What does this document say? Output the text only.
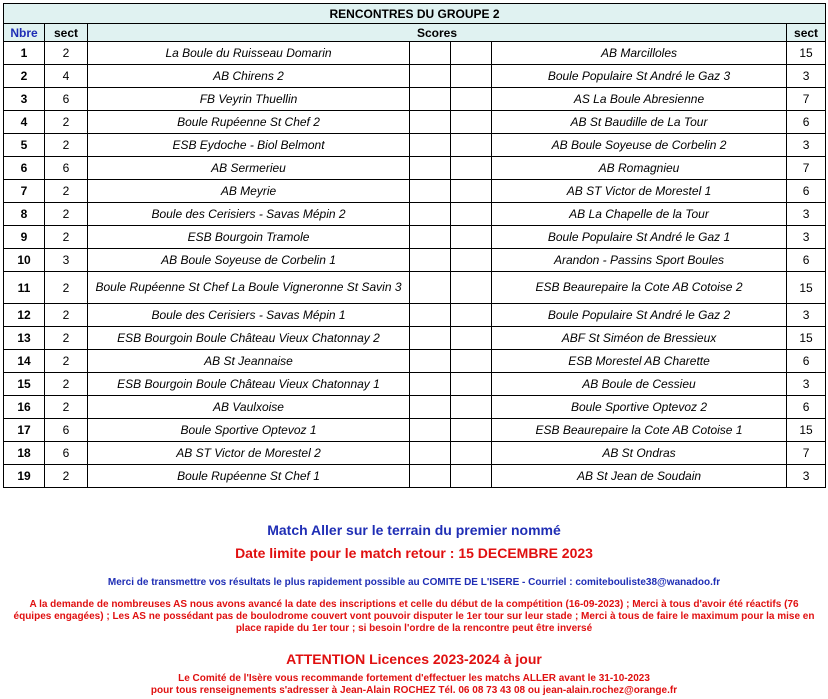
RENCONTRES DU GROUPE 2						
Nbre	sect	Scores				sect
1	2	La Boule du Ruisseau Domarin			AB Marcilloles	15
2	4	AB Chirens 2			Boule Populaire St André le Gaz 3	3
3	6	FB Veyrin Thuellin			AS La Boule Abresienne	7
4	2	Boule Rupéenne St Chef 2			AB St Baudille de La Tour	6
5	2	ESB Eydoche - Biol Belmont			AB Boule Soyeuse de Corbelin 2	3
6	6	AB Sermerieu			AB Romagnieu	7
7	2	AB Meyrie			AB ST Victor de Morestel 1	6
8	2	Boule des Cerisiers - Savas Mépin 2			AB La Chapelle de la Tour	3
9	2	ESB Bourgoin Tramole			Boule Populaire St André le Gaz 1	3
10	3	AB Boule Soyeuse de Corbelin 1			Arandon - Passins Sport Boules	6
11	2	Boule Rupéenne St Chef La Boule Vigneronne St Savin 3			ESB Beaurepaire la Cote AB Cotoise 2	15
12	2	Boule des Cerisiers - Savas Mépin 1			Boule Populaire St André le Gaz 2	3
13	2	ESB Bourgoin Boule Château Vieux Chatonnay 2			ABF St Siméon de Bressieux	15
14	2	AB St Jeannaise			ESB Morestel AB Charette	6
15	2	ESB Bourgoin Boule Château Vieux Chatonnay 1			AB Boule de Cessieu	3
16	2	AB Vaulxoise			Boule Sportive Optevoz 2	6
17	6	Boule Sportive Optevoz 1			ESB Beaurepaire la Cote AB Cotoise 1	15
18	6	AB ST Victor de Morestel 2			AB St Ondras	7
19	2	Boule Rupéenne St Chef 1			AB St Jean de Soudain	3
Match Aller sur le terrain du premier nommé
Date limite pour le match retour : 15 DECEMBRE 2023
Merci de transmettre vos résultats le plus rapidement possible au COMITE DE L'ISERE - Courriel : comitebouliste38@wanadoo.fr
A la demande de nombreuses AS nous avons avancé la date des inscriptions et celle du début de la compétition (16-09-2023) ; Merci à tous d'avoir été réactifs (76 équipes engagées) ; Les AS ne possédant pas de boulodrome couvert vont pouvoir disputer le 1er tour sur leur stade ; Merci à tous de faire le maximum pour la mise en place rapide du 1er tour ; si besoin l'ordre de la rencontre peut être inversé
ATTENTION Licences 2023-2024 à jour
Le Comité de l'Isère vous recommande fortement d'effectuer les matchs ALLER avant le 31-10-2023
pour tous renseignements s'adresser à Jean-Alain ROCHEZ Tél. 06 08 73 43 08 ou jean-alain.rochez@orange.fr
